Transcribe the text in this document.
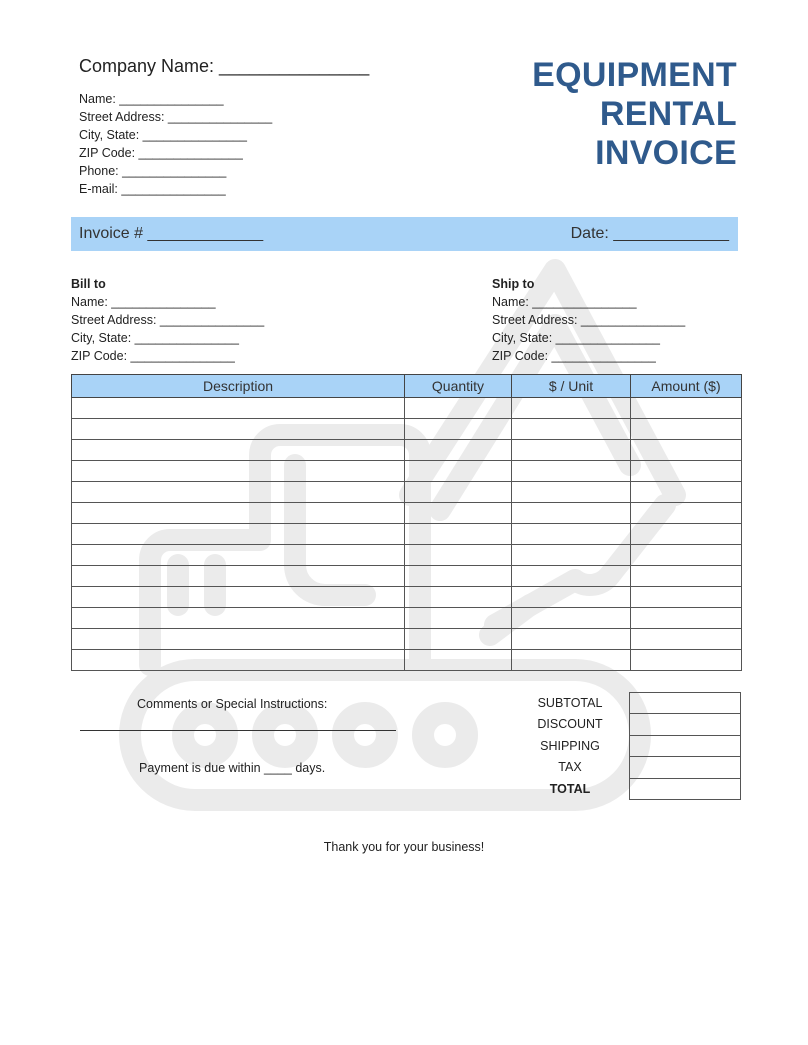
Company Name: _______________
Name: _______________
Street Address: _______________
City, State: _______________
ZIP Code: _______________
Phone: _______________
E-mail: _______________
EQUIPMENT
RENTAL
INVOICE
Invoice # _____________	Date: _____________
Bill to
Name: _______________
Street Address: _______________
City, State: _______________
ZIP Code: _______________
Ship to
Name: _______________
Street Address: _______________
City, State: _______________
ZIP Code: _______________
Description	Quantity	$ / Unit	Amount ($)

Comments or Special Instructions:
Payment is due within ____ days.
SUBTOTAL
DISCOUNT
SHIPPING
TAX
TOTAL

Thank you for your business!
